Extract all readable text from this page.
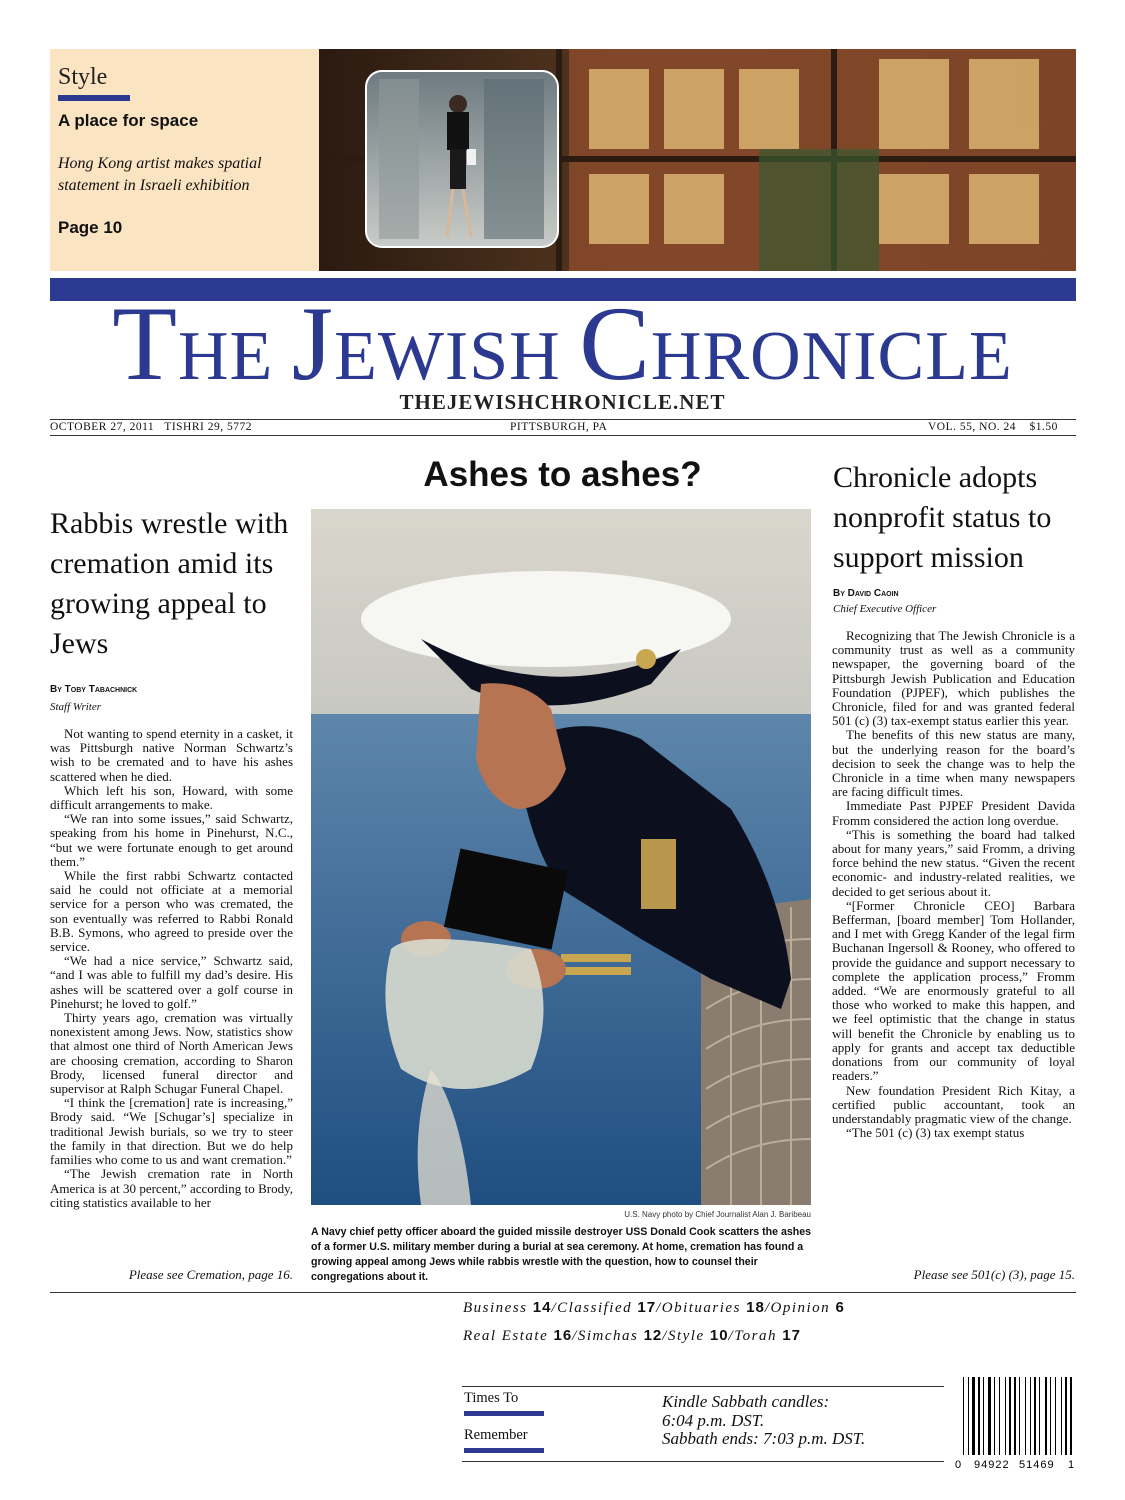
Style
A place for space
Hong Kong artist makes spatial statement in Israeli exhibition
Page 10
THE JEWISH CHRONICLE
THEJEWISHCHRONICLE.NET
OCTOBER 27, 2011 TISHRI 29, 5772	PITTSBURGH, PA	VOL. 55, NO. 24 $1.50
Ashes to ashes?
U.S. Navy photo by Chief Journalist Alan J. Baribeau
A Navy chief petty officer aboard the guided missile destroyer USS Donald Cook scatters the ashes of a former U.S. military member during a burial at sea ceremony. At home, cremation has found a growing appeal among Jews while rabbis wrestle with the question, how to counsel their congregations about it.
Rabbis wrestle with cremation amid its growing appeal to Jews
By Toby Tabachnick
Staff Writer

Not wanting to spend eternity in a casket, it was Pittsburgh native Norman Schwartz’s wish to be cremated and to have his ashes scattered when he died.

Which left his son, Howard, with some difficult arrangements to make.

“We ran into some issues,” said Schwartz, speaking from his home in Pinehurst, N.C., “but we were fortunate enough to get around them.”

While the first rabbi Schwartz contacted said he could not officiate at a memorial service for a person who was cremated, the son eventually was referred to Rabbi Ronald B.B. Symons, who agreed to preside over the service.

“We had a nice service,” Schwartz said, “and I was able to fulfill my dad’s desire. His ashes will be scattered over a golf course in Pinehurst; he loved to golf.”

Thirty years ago, cremation was virtually nonexistent among Jews. Now, statistics show that almost one third of North American Jews are choosing cremation, according to Sharon Brody, licensed funeral director and supervisor at Ralph Schugar Funeral Chapel.

“I think the [cremation] rate is increasing,” Brody said. “We [Schugar’s] specialize in traditional Jewish burials, so we try to steer the family in that direction. But we do help families who come to us and want cremation.”

“The Jewish cremation rate in North America is at 30 percent,” according to Brody, citing statistics available to her

Please see Cremation, page 16.
Chronicle adopts nonprofit status to support mission
By David Caoin
Chief Executive Officer

Recognizing that The Jewish Chronicle is a community trust as well as a community newspaper, the governing board of the Pittsburgh Jewish Publication and Education Foundation (PJPEF), which publishes the Chronicle, filed for and was granted federal 501 (c) (3) tax-exempt status earlier this year.

The benefits of this new status are many, but the underlying reason for the board’s decision to seek the change was to help the Chronicle in a time when many newspapers are facing difficult times.

Immediate Past PJPEF President Davida Fromm considered the action long overdue.

“This is something the board had talked about for many years,” said Fromm, a driving force behind the new status. “Given the recent economic- and industry-related realities, we decided to get serious about it.

“[Former Chronicle CEO] Barbara Befferman, [board member] Tom Hollander, and I met with Gregg Kander of the legal firm Buchanan Ingersoll & Rooney, who offered to provide the guidance and support necessary to complete the application process,” Fromm added. “We are enormously grateful to all those who worked to make this happen, and we feel optimistic that the change in status will benefit the Chronicle by enabling us to apply for grants and accept tax deductible donations from our community of loyal readers.”

New foundation President Rich Kitay, a certified public accountant, took an understandably pragmatic view of the change.

“The 501 (c) (3) tax exempt status

Please see 501(c) (3), page 15.
Business 14/Classified 17/Obituaries 18/Opinion 6
Real Estate 16/Simchas 12/Style 10/Torah 17
Times To
Remember
Kindle Sabbath candles:
6:04 p.m. DST.
Sabbath ends: 7:03 p.m. DST.
0 94922 51469 1
